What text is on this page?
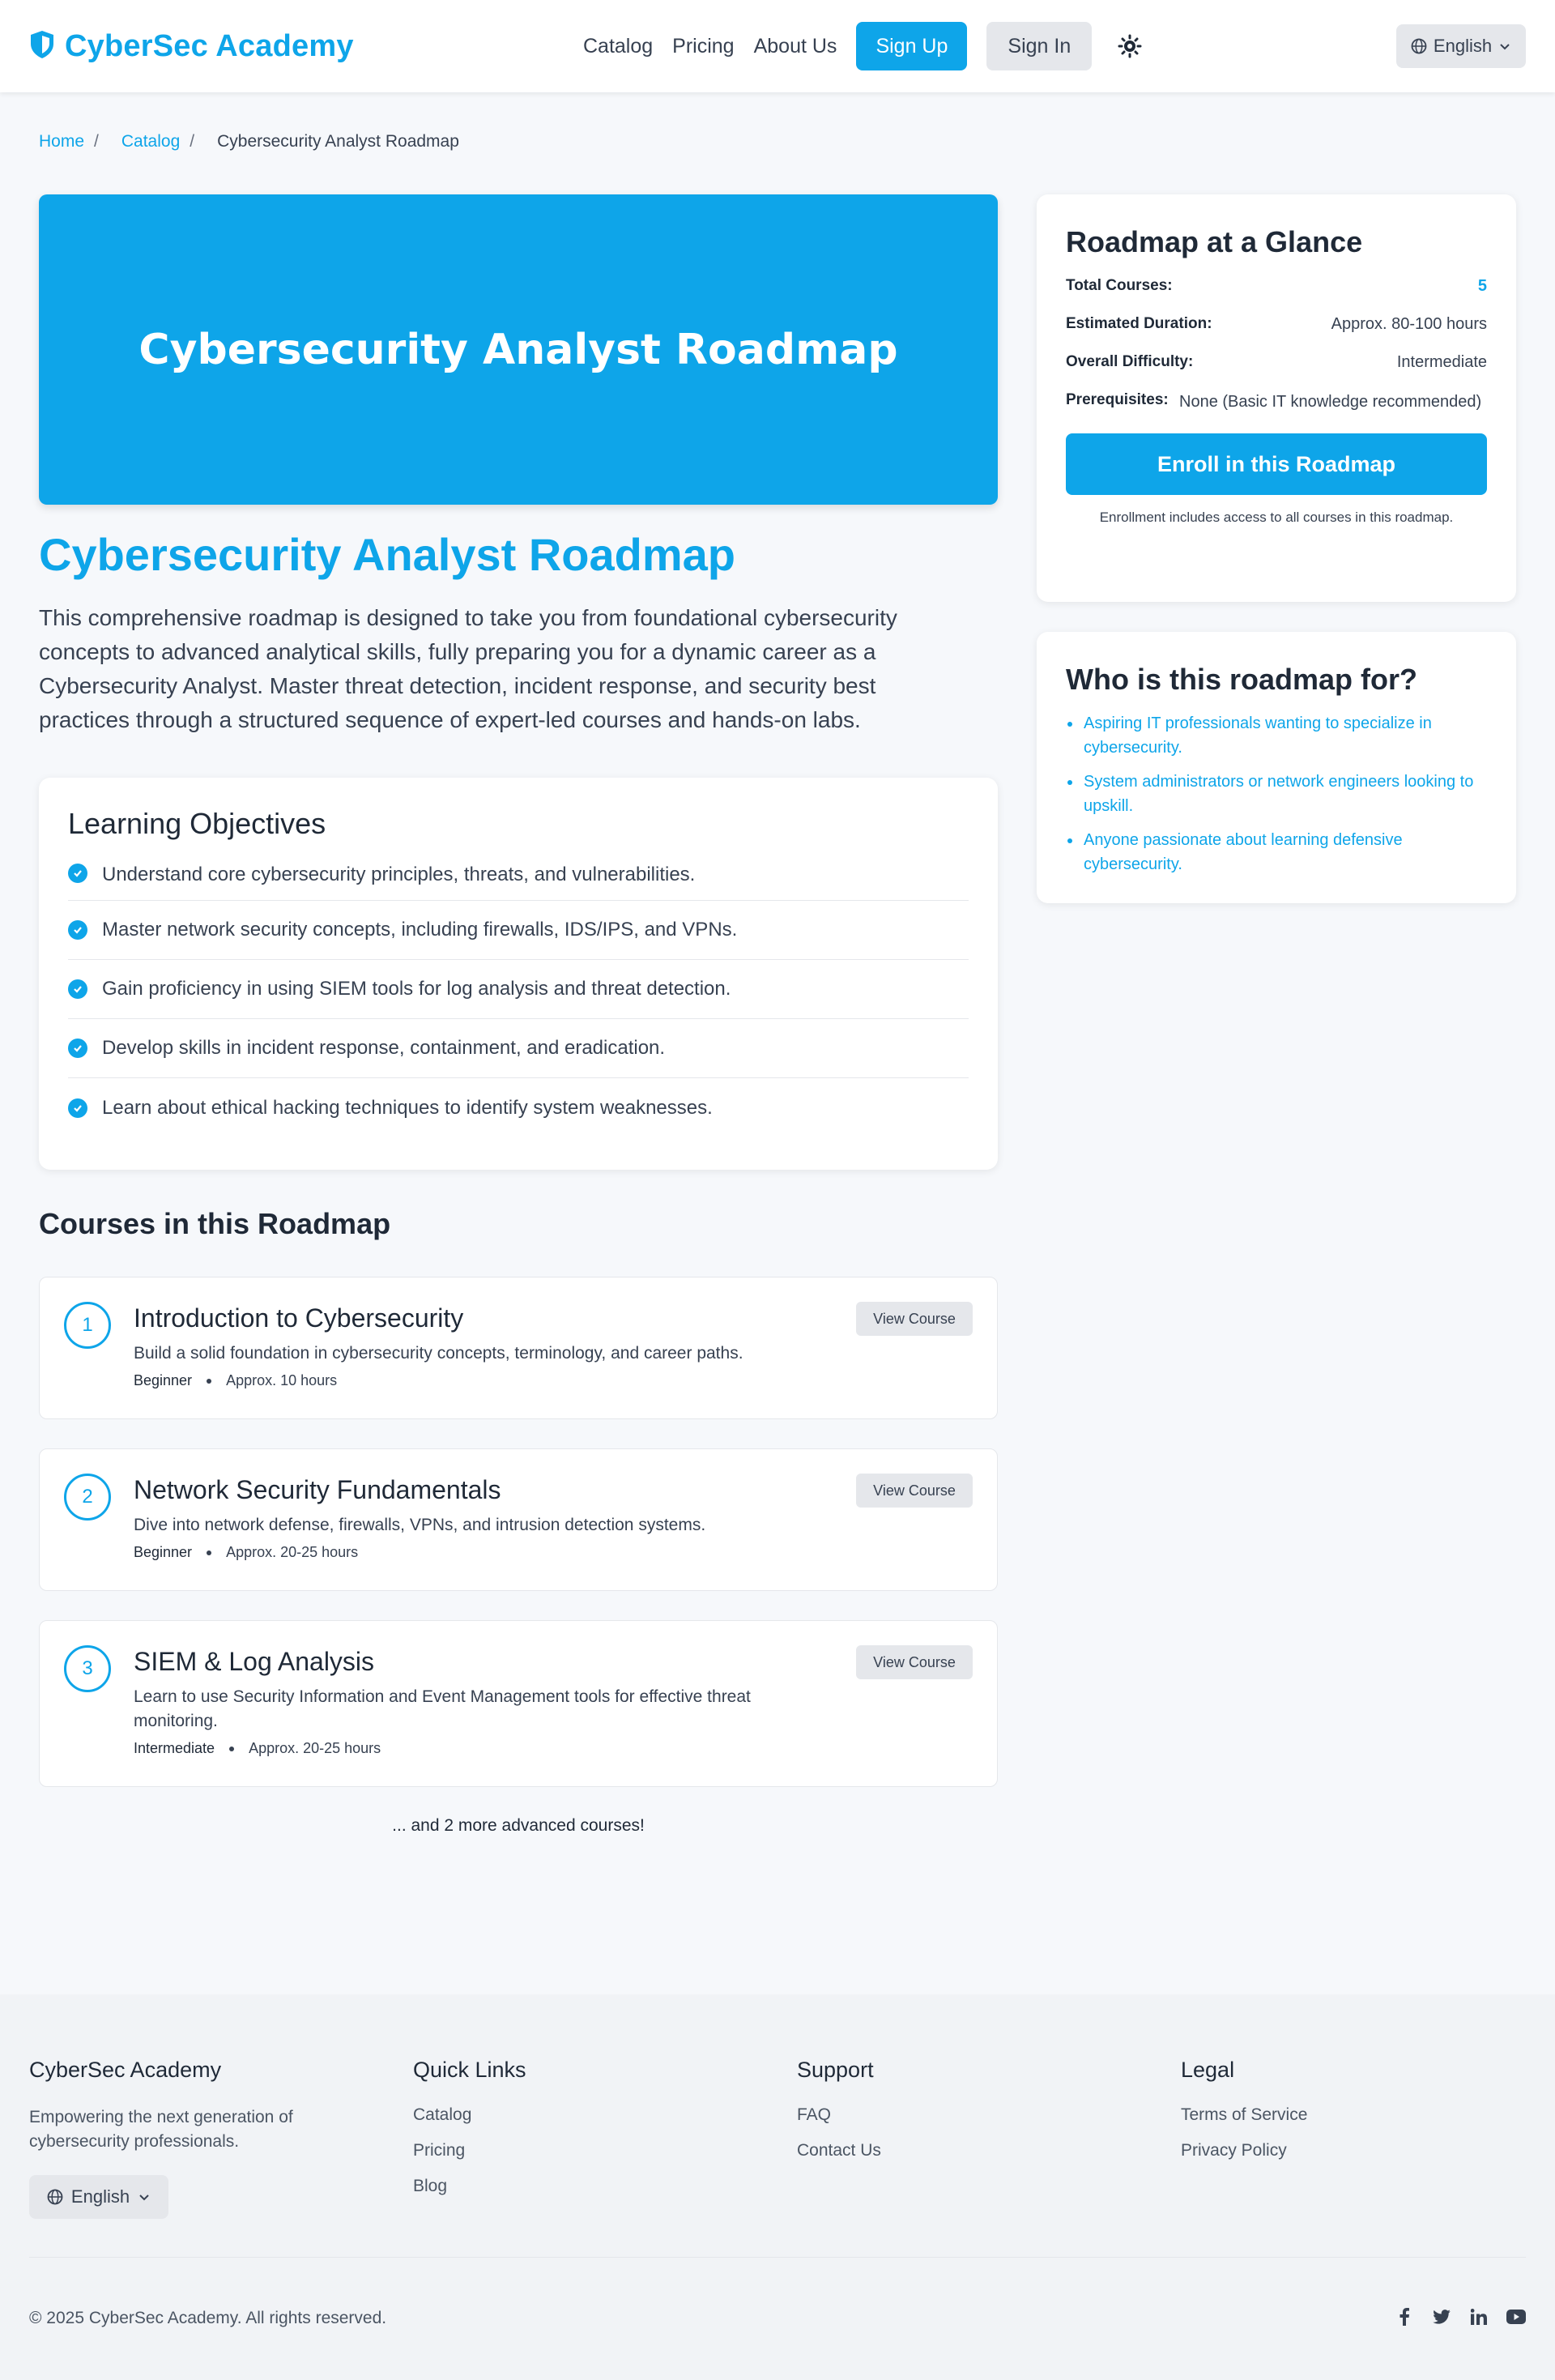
CyberSec Academy	Catalog Pricing About Us	Sign Up	Sign In	English
Home / Catalog / Cybersecurity Analyst Roadmap
Cybersecurity Analyst Roadmap
Cybersecurity Analyst Roadmap

This comprehensive roadmap is designed to take you from foundational cybersecurity concepts to advanced analytical skills, fully preparing you for a dynamic career as a Cybersecurity Analyst. Master threat detection, incident response, and security best practices through a structured sequence of expert-led courses and hands-on labs.

Learning Objectives
Understand core cybersecurity principles, threats, and vulnerabilities.
Master network security concepts, including firewalls, IDS/IPS, and VPNs.
Gain proficiency in using SIEM tools for log analysis and threat detection.
Develop skills in incident response, containment, and eradication.
Learn about ethical hacking techniques to identify system weaknesses.
Courses in this Roadmap
1	Introduction to Cybersecurity
Build a solid foundation in cybersecurity concepts, terminology, and career paths.
Beginner Approx. 10 hours
View Course
2	Network Security Fundamentals
Dive into network defense, firewalls, VPNs, and intrusion detection systems.
Beginner Approx. 20-25 hours
View Course
3	SIEM & Log Analysis
Learn to use Security Information and Event Management tools for effective threat monitoring.
Intermediate Approx. 20-25 hours
View Course
... and 2 more advanced courses!
Roadmap at a Glance
Total Courses:	5
Estimated Duration:	Approx. 80-100 hours
Overall Difficulty:	Intermediate
Prerequisites: None (Basic IT knowledge recommended)
Enroll in this Roadmap
Enrollment includes access to all courses in this roadmap.
Who is this roadmap for?
Aspiring IT professionals wanting to specialize in cybersecurity.
System administrators or network engineers looking to upskill.
Anyone passionate about learning defensive cybersecurity.
CyberSec Academy
Empowering the next generation of cybersecurity professionals.
English
Quick Links
Catalog
Pricing
Blog
Support
FAQ
Contact Us
Legal
Terms of Service
Privacy Policy
© 2025 CyberSec Academy. All rights reserved.
